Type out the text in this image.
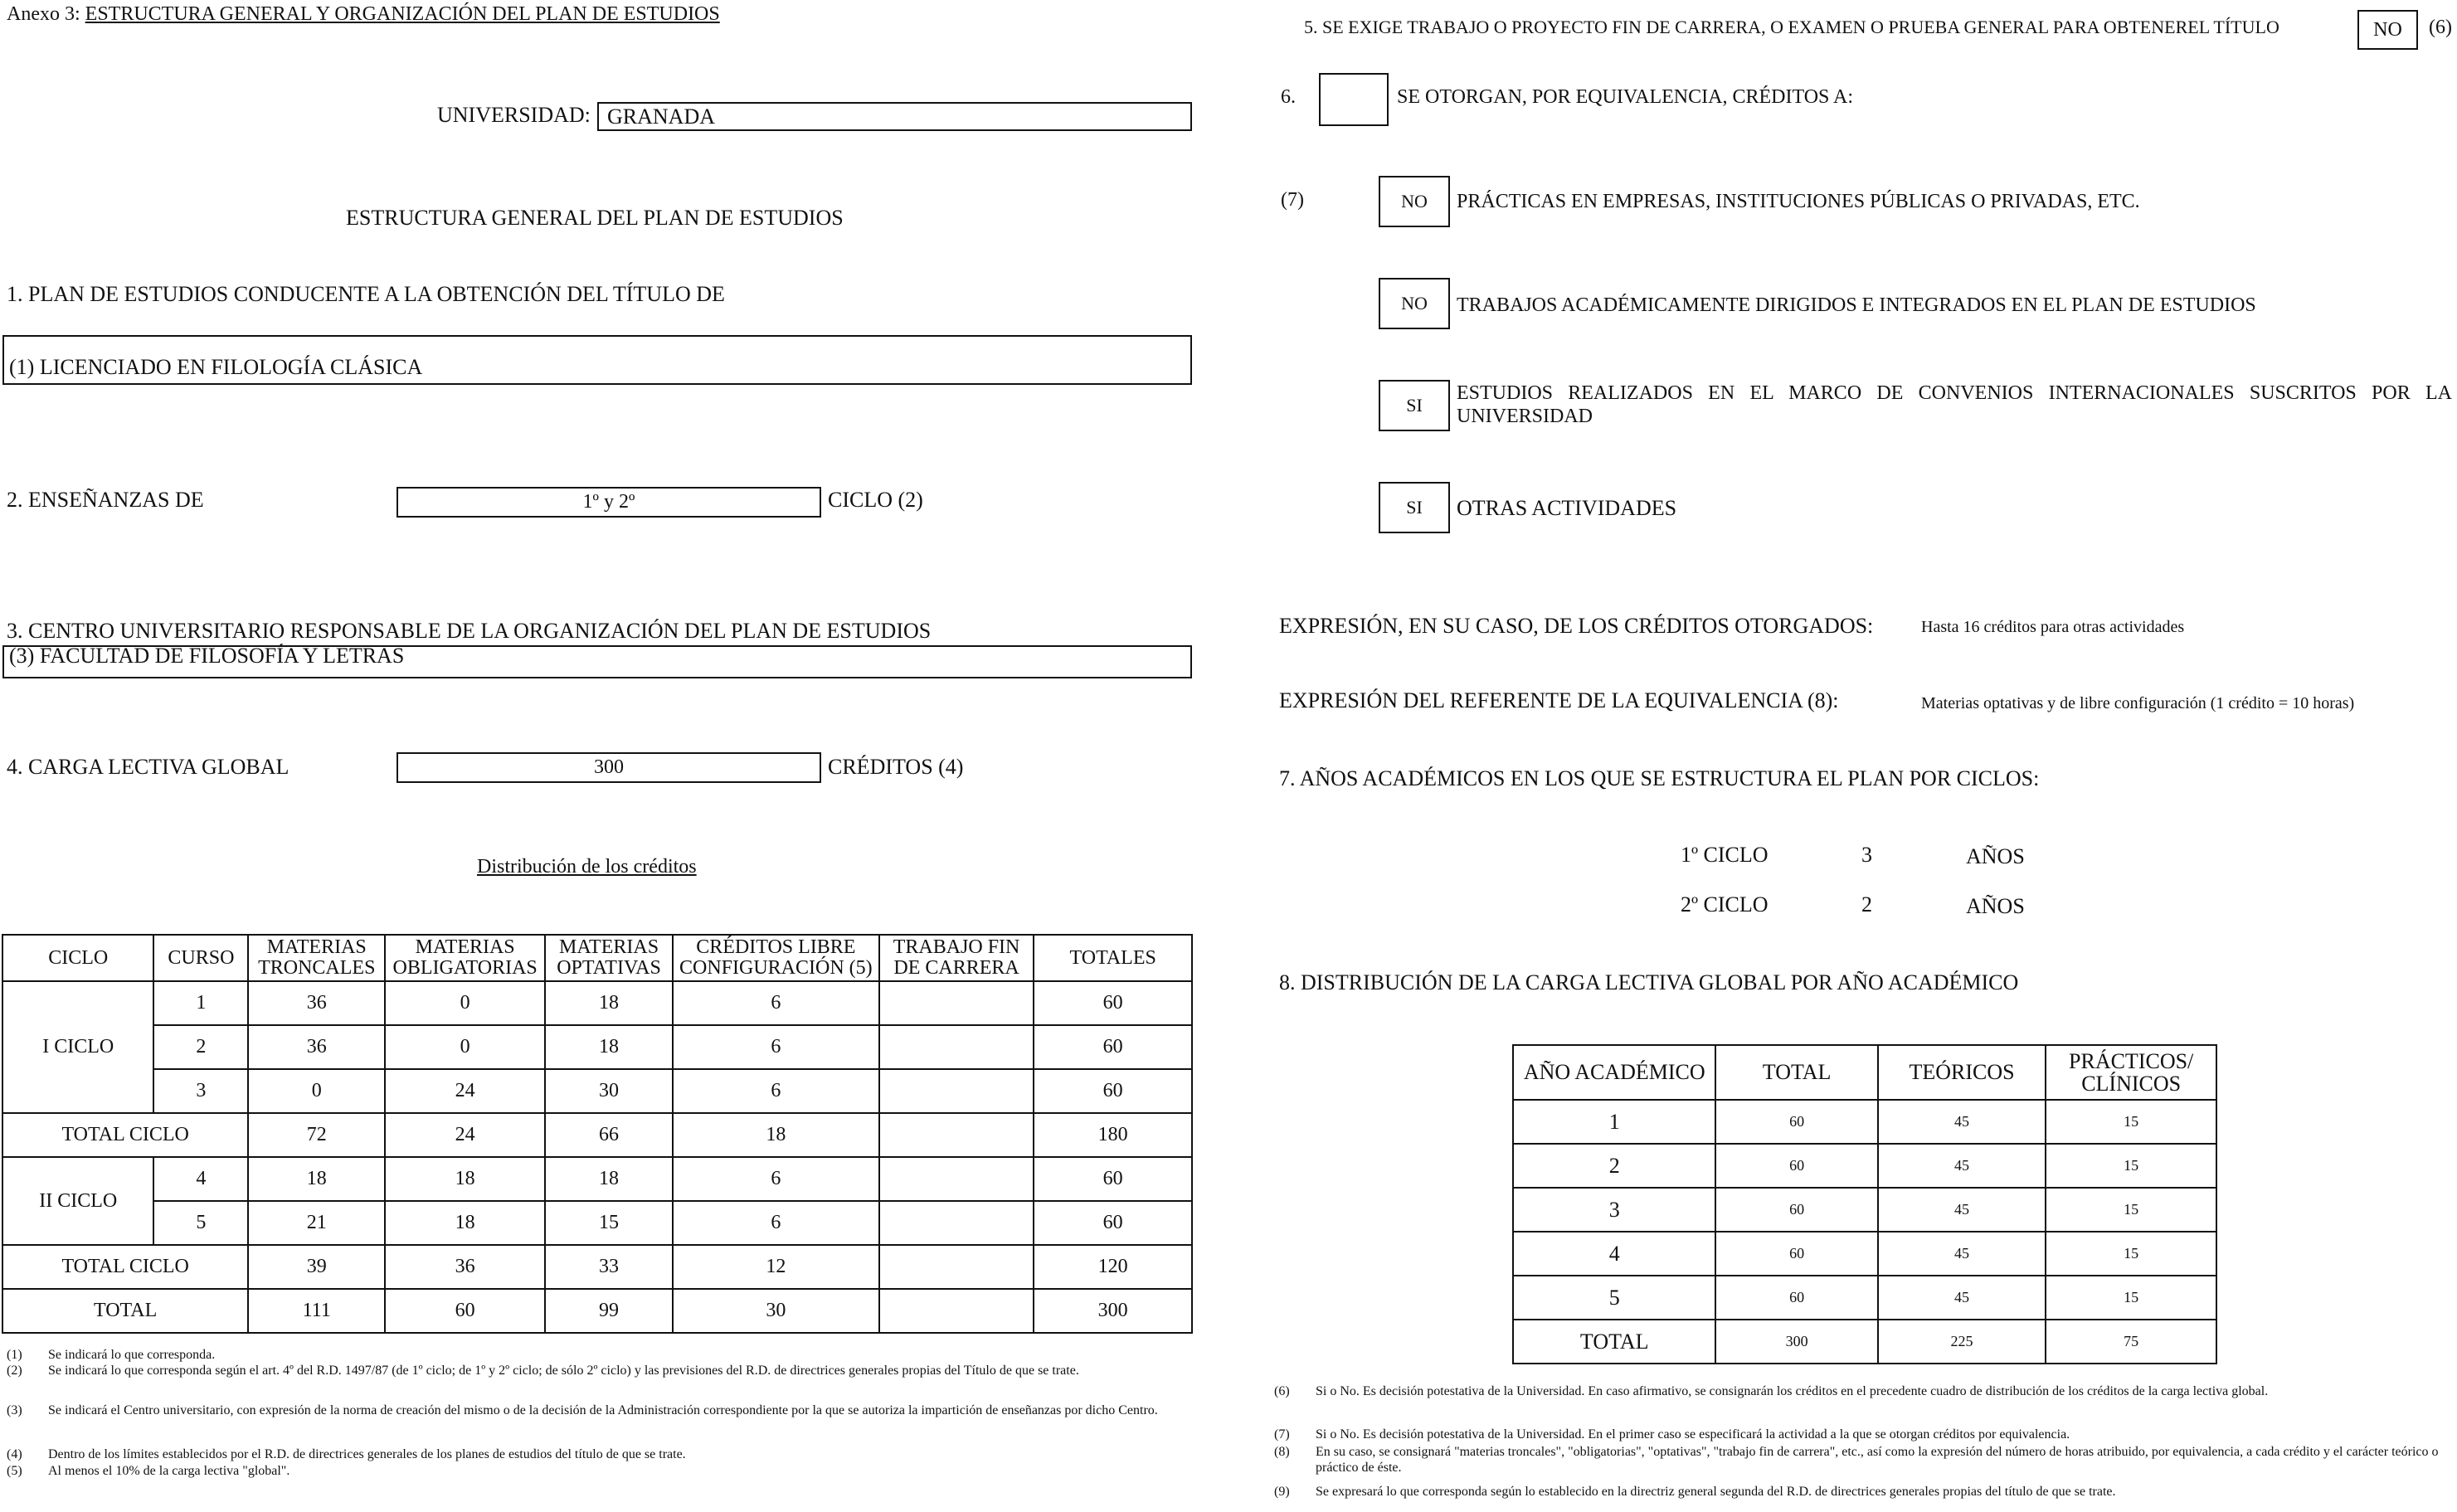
Anexo 3: ESTRUCTURA GENERAL Y ORGANIZACIÓN DEL PLAN DE ESTUDIOS
UNIVERSIDAD: GRANADA
ESTRUCTURA GENERAL DEL PLAN DE ESTUDIOS
1. PLAN DE ESTUDIOS CONDUCENTE A LA OBTENCIÓN DEL TÍTULO DE
(1) LICENCIADO EN FILOLOGÍA CLÁSICA
2. ENSEÑANZAS DE	1º y 2º	CICLO (2)
3. CENTRO UNIVERSITARIO RESPONSABLE DE LA ORGANIZACIÓN DEL PLAN DE ESTUDIOS
(3) FACULTAD DE FILOSOFÍA Y LETRAS
4. CARGA LECTIVA GLOBAL	300	CRÉDITOS (4)
Distribución de los créditos
CICLO	CURSO	MATERIAS TRONCALES	MATERIAS OBLIGATORIAS	MATERIAS OPTATIVAS	CRÉDITOS LIBRE CONFIGURACIÓN (5)	TRABAJO FIN DE CARRERA	TOTALES
I CICLO	1	36	0	18	6		60
	2	36	0	18	6		60
	3	0	24	30	6		60
TOTAL CICLO		72	24	66	18		180
II CICLO	4	18	18	18	6		60
	5	21	18	15	6		60
TOTAL CICLO		39	36	33	12		120
TOTAL		111	60	99	30		300
(1) Se indicará lo que corresponda.
(2) Se indicará lo que corresponda según el art. 4º del R.D. 1497/87 (de 1º ciclo; de 1º y 2º ciclo; de sólo 2º ciclo) y las previsiones del R.D. de directrices generales propias del Título de que se trate.
(3) Se indicará el Centro universitario, con expresión de la norma de creación del mismo o de la decisión de la Administración correspondiente por la que se autoriza la impartición de enseñanzas por dicho Centro.
(4) Dentro de los límites establecidos por el R.D. de directrices generales de los planes de estudios del título de que se trate.
(5) Al menos el 10% de la carga lectiva "global".
5. SE EXIGE TRABAJO O PROYECTO FIN DE CARRERA, O EXAMEN O PRUEBA GENERAL PARA OBTENEREL TÍTULO	NO	(6)
6.	SE OTORGAN, POR EQUIVALENCIA, CRÉDITOS A:
(7)	NO	PRÁCTICAS EN EMPRESAS, INSTITUCIONES PÚBLICAS O PRIVADAS, ETC.
NO	TRABAJOS ACADÉMICAMENTE DIRIGIDOS E INTEGRADOS EN EL PLAN DE ESTUDIOS
SI
ESTUDIOS REALIZADOS EN EL MARCO DE CONVENIOS INTERNACIONALES SUSCRITOS POR LA UNIVERSIDAD
SI	OTRAS ACTIVIDADES
EXPRESIÓN, EN SU CASO, DE LOS CRÉDITOS OTORGADOS:	Hasta 16 créditos para otras actividades
EXPRESIÓN DEL REFERENTE DE LA EQUIVALENCIA (8):	Materias optativas y de libre configuración (1 crédito = 10 horas)
7. AÑOS ACADÉMICOS EN LOS QUE SE ESTRUCTURA EL PLAN POR CICLOS:
1º CICLO	3	AÑOS
2º CICLO	2	AÑOS
8. DISTRIBUCIÓN DE LA CARGA LECTIVA GLOBAL POR AÑO ACADÉMICO
AÑO ACADÉMICO	TOTAL	TEÓRICOS	PRÁCTICOS/ CLÍNICOS
1	60	45	15
2	60	45	15
3	60	45	15
4	60	45	15
5	60	45	15
TOTAL	300	225	75
(6) Si o No. Es decisión potestativa de la Universidad. En caso afirmativo, se consignarán los créditos en el precedente cuadro de distribución de los créditos de la carga lectiva global.
(7) Si o No. Es decisión potestativa de la Universidad. En el primer caso se especificará la actividad a la que se otorgan créditos por equivalencia.
(8) En su caso, se consignará "materias troncales", "obligatorias", "optativas", "trabajo fin de carrera", etc., así como la expresión del número de horas atribuido, por equivalencia, a cada crédito y el carácter teórico o práctico de éste.
(9) Se expresará lo que corresponda según lo establecido en la directriz general segunda del R.D. de directrices generales propias del título de que se trate.
